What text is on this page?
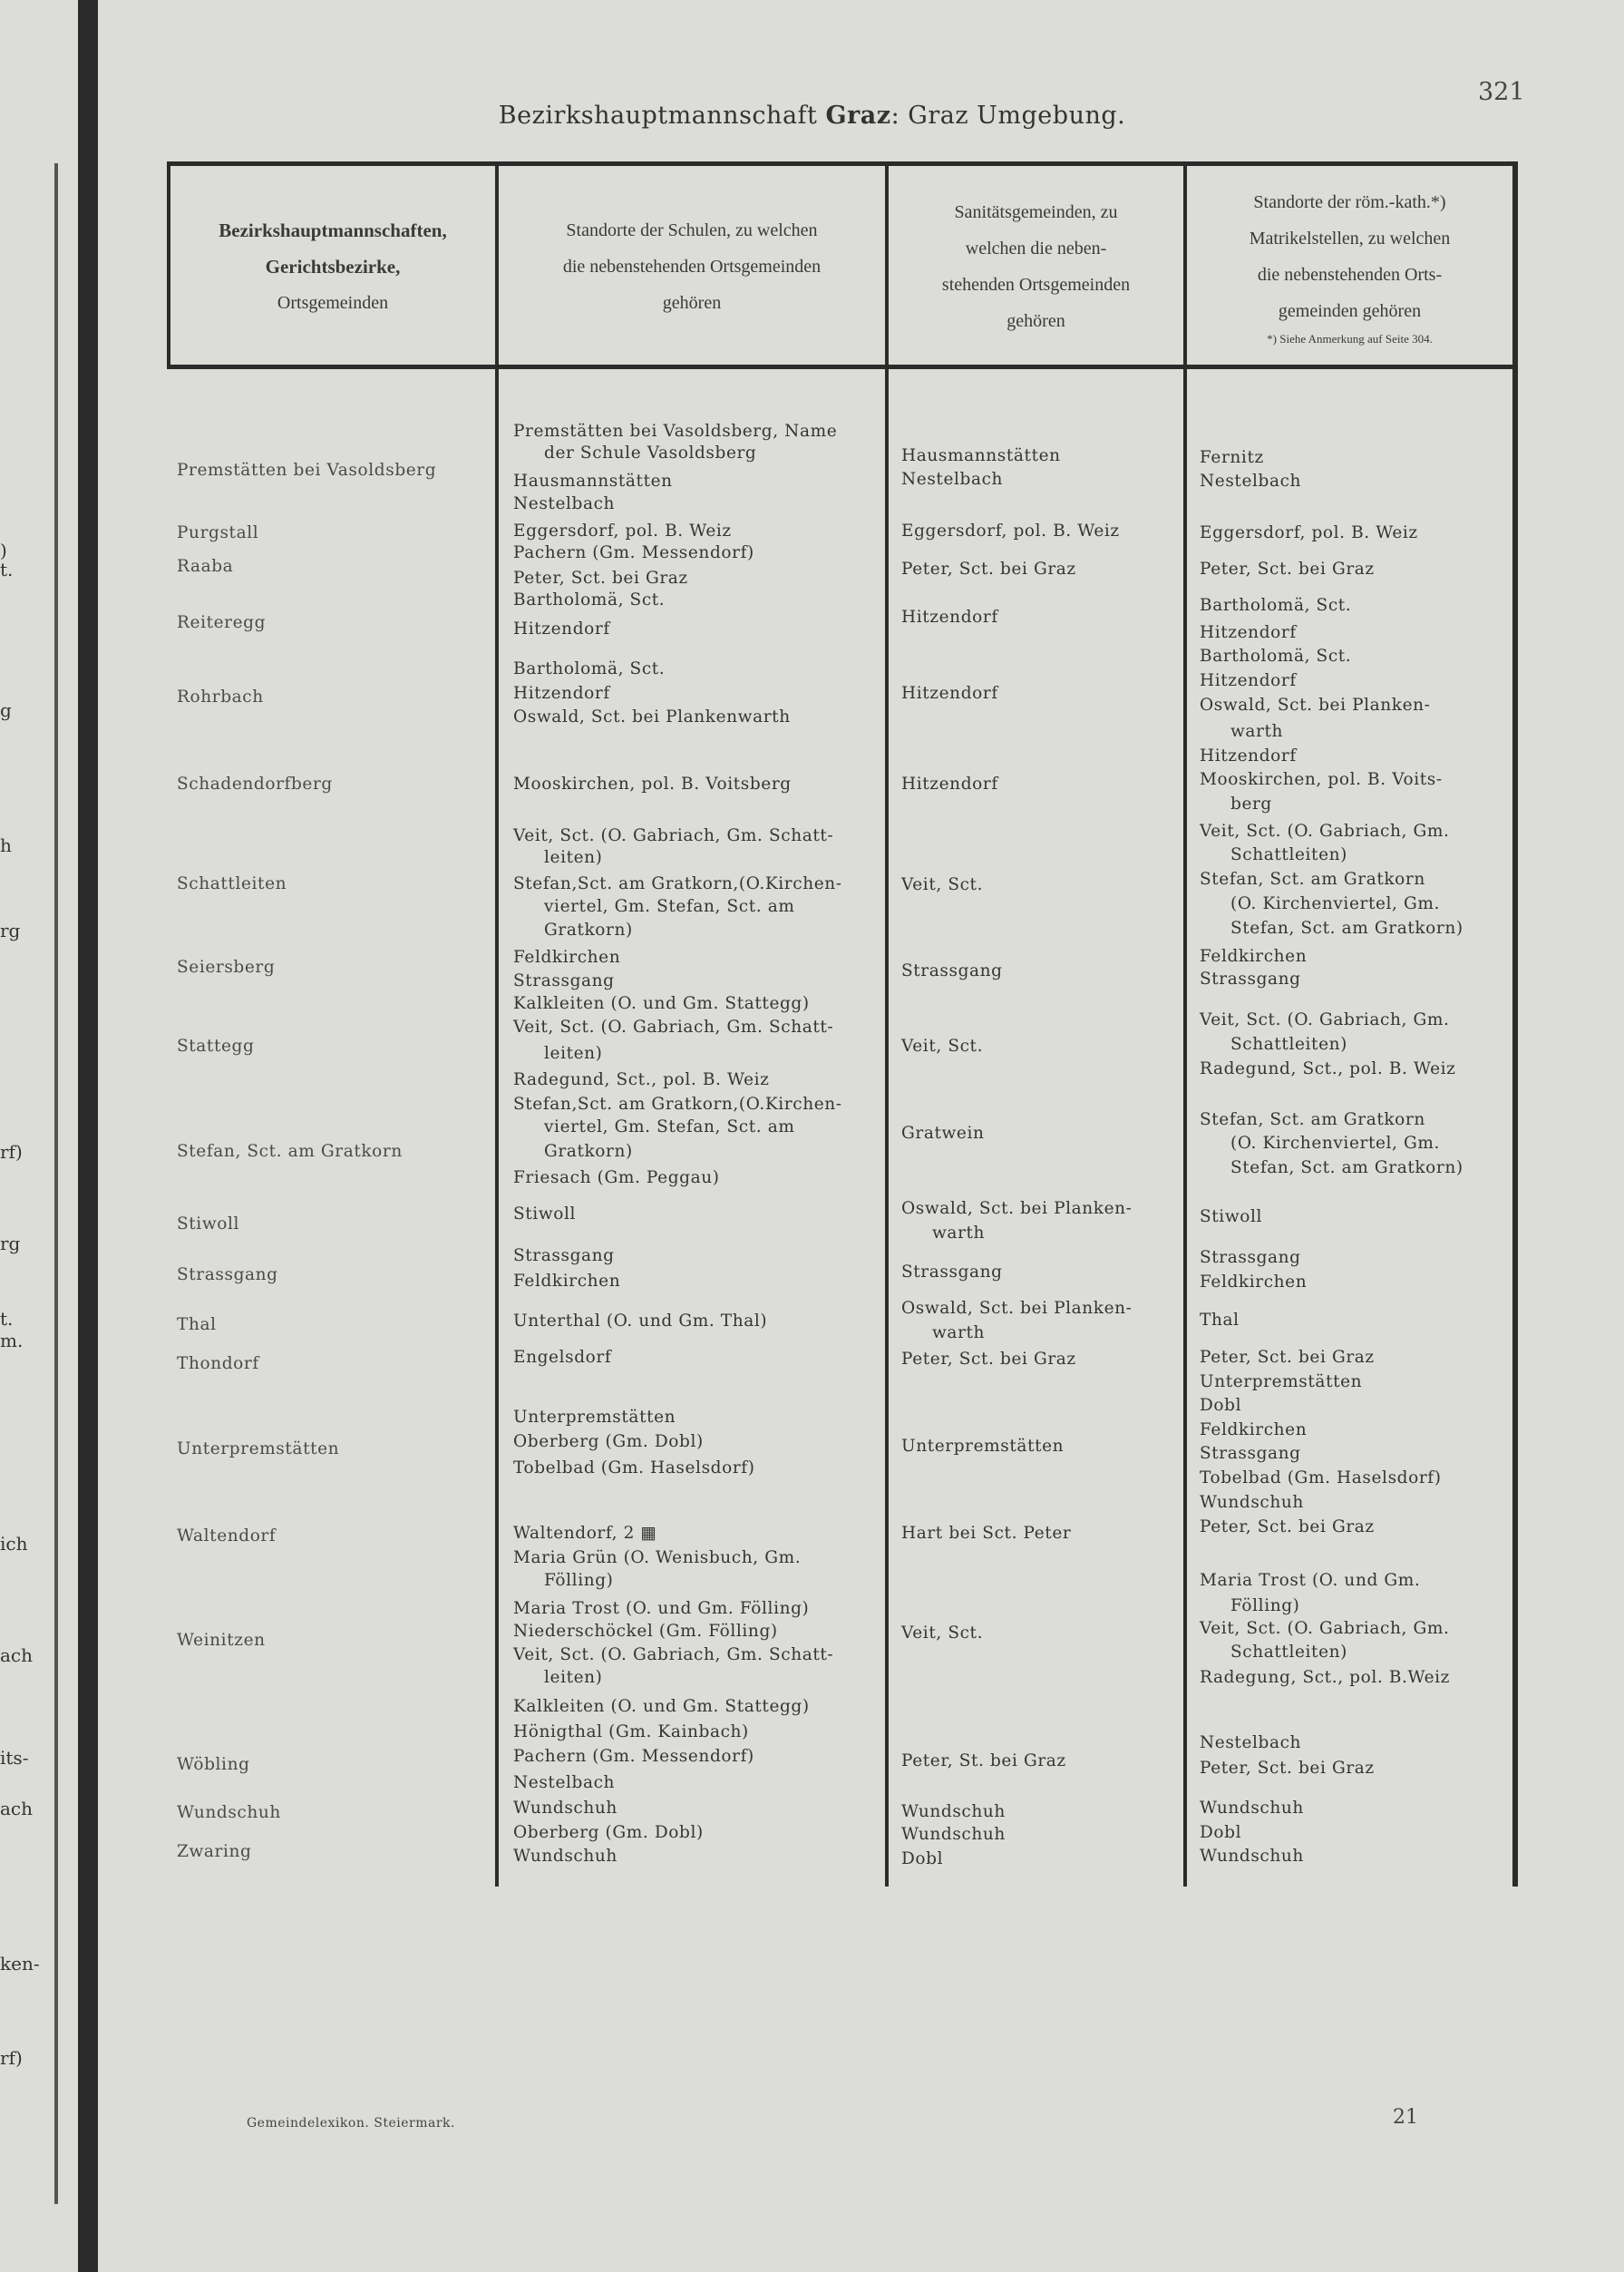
)
t.
g
h
rg
rf)
rg
t.
m.
ich
ach
its-
ach
ken-
rf)
Bezirkshauptmannschaft Graz: Graz Umgebung.
321
Bezirkshauptmannschaften,
Gerichtsbezirke,
Ortsgemeinden
Standorte der Schulen, zu welchen
die nebenstehenden Ortsgemeinden
gehören
Sanitätsgemeinden, zu
welchen die neben-
stehenden Ortsgemeinden
gehören
Standorte der röm.-kath.*)
Matrikelstellen, zu welchen
die nebenstehenden Orts-
gemeinden gehören
*) Siehe Anmerkung auf Seite 304.
Premstätten bei Vasoldsberg
Purgstall
Raaba
Reiteregg
Rohrbach
Schadendorfberg
Schattleiten
Seiersberg
Stattegg
Stefan, Sct. am Gratkorn
Stiwoll
Strassgang
Thal
Thondorf
Unterpremstätten
Waltendorf
Weinitzen
Wöbling
Wundschuh
Zwaring
Premstätten bei Vasoldsberg, Name
der Schule Vasoldsberg
Hausmannstätten
Nestelbach
Eggersdorf, pol. B. Weiz
Pachern (Gm. Messendorf)
Peter, Sct. bei Graz
Bartholomä, Sct.
Hitzendorf
Bartholomä, Sct.
Hitzendorf
Oswald, Sct. bei Plankenwarth
Mooskirchen, pol. B. Voitsberg
Veit, Sct. (O. Gabriach, Gm. Schatt-
leiten)
Stefan,Sct. am Gratkorn,(O.Kirchen-
viertel, Gm. Stefan, Sct. am
Gratkorn)
Feldkirchen
Strassgang
Kalkleiten (O. und Gm. Stattegg)
Veit, Sct. (O. Gabriach, Gm. Schatt-
leiten)
Radegund, Sct., pol. B. Weiz
Stefan,Sct. am Gratkorn,(O.Kirchen-
viertel, Gm. Stefan, Sct. am
Gratkorn)
Friesach (Gm. Peggau)
Stiwoll
Strassgang
Feldkirchen
Unterthal (O. und Gm. Thal)
Engelsdorf
Unterpremstätten
Oberberg (Gm. Dobl)
Tobelbad (Gm. Haselsdorf)
Waltendorf, 2 ▦
Maria Grün (O. Wenisbuch, Gm.
Fölling)
Maria Trost (O. und Gm. Fölling)
Niederschöckel (Gm. Fölling)
Veit, Sct. (O. Gabriach, Gm. Schatt-
leiten)
Kalkleiten (O. und Gm. Stattegg)
Hönigthal (Gm. Kainbach)
Pachern (Gm. Messendorf)
Nestelbach
Wundschuh
Oberberg (Gm. Dobl)
Wundschuh
Hausmannstätten
Nestelbach
Eggersdorf, pol. B. Weiz
Peter, Sct. bei Graz
Hitzendorf
Hitzendorf
Hitzendorf
Veit, Sct.
Strassgang
Veit, Sct.
Gratwein
Oswald, Sct. bei Planken-
warth
Strassgang
Oswald, Sct. bei Planken-
warth
Peter, Sct. bei Graz
Unterpremstätten
Hart bei Sct. Peter
Veit, Sct.
Peter, St. bei Graz
Wundschuh
Wundschuh
Dobl
Fernitz
Nestelbach
Eggersdorf, pol. B. Weiz
Peter, Sct. bei Graz
Bartholomä, Sct.
Hitzendorf
Bartholomä, Sct.
Hitzendorf
Oswald, Sct. bei Planken-
warth
Hitzendorf
Mooskirchen, pol. B. Voits-
berg
Veit, Sct. (O. Gabriach, Gm.
Schattleiten)
Stefan, Sct. am Gratkorn
(O. Kirchenviertel, Gm.
Stefan, Sct. am Gratkorn)
Feldkirchen
Strassgang
Veit, Sct. (O. Gabriach, Gm.
Schattleiten)
Radegund, Sct., pol. B. Weiz
Stefan, Sct. am Gratkorn
(O. Kirchenviertel, Gm.
Stefan, Sct. am Gratkorn)
Stiwoll
Strassgang
Feldkirchen
Thal
Peter, Sct. bei Graz
Unterpremstätten
Dobl
Feldkirchen
Strassgang
Tobelbad (Gm. Haselsdorf)
Wundschuh
Peter, Sct. bei Graz
Maria Trost (O. und Gm.
Fölling)
Veit, Sct. (O. Gabriach, Gm.
Schattleiten)
Radegung, Sct., pol. B.Weiz
Nestelbach
Peter, Sct. bei Graz
Wundschuh
Dobl
Wundschuh
Gemeindelexikon. Steiermark.	21
